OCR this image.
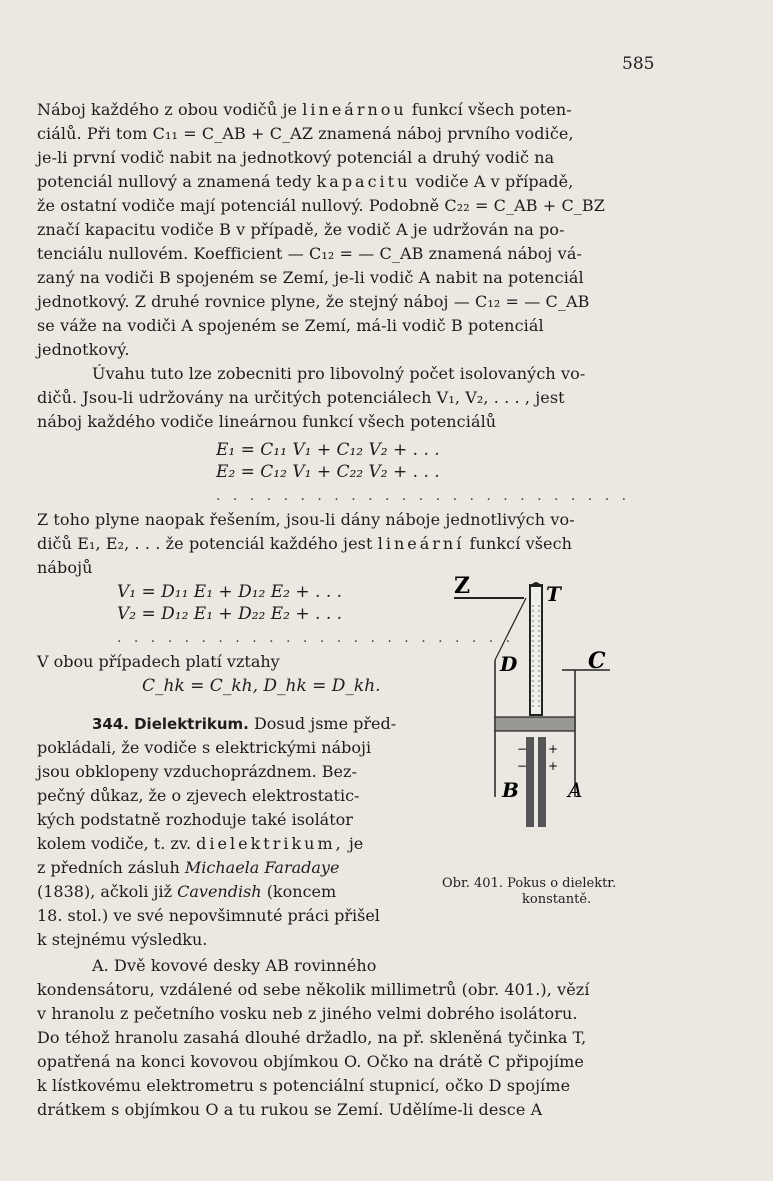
585
Náboj každého z obou vodičů je lineárnou funkcí všech poten-
ciálů. Při tom C₁₁ = C_AB + C_AZ znamená náboj prvního vodiče,
je-li první vodič nabit na jednotkový potenciál a druhý vodič na
potenciál nullový a znamená tedy kapacitu vodiče A v případě,
že ostatní vodiče mají potenciál nullový. Podobně C₂₂ = C_AB + C_BZ
značí kapacitu vodiče B v případě, že vodič A je udržován na po-
tenciálu nullovém. Koefficient — C₁₂ = — C_AB znamená náboj vá-
zaný na vodiči B spojeném se Zemí, je-li vodič A nabit na potenciál
jednotkový. Z druhé rovnice plyne, že stejný náboj — C₁₂ = — C_AB
se váže na vodiči A spojeném se Zemí, má-li vodič B potenciál
jednotkový.
Úvahu tuto lze zobecniti pro libovolný počet isolovaných vo-
dičů. Jsou-li udržovány na určitých potenciálech V₁, V₂, . . . , jest
náboj každého vodiče lineárnou funkcí všech potenciálů
E₁ = C₁₁ V₁ + C₁₂ V₂ + . . .
E₂ = C₁₂ V₁ + C₂₂ V₂ + . . .
. . . . . . . . . . . . . . . . . . . . . . . . .
Z toho plyne naopak řešením, jsou-li dány náboje jednotlivých vo-
dičů E₁, E₂, . . . že potenciál každého jest lineární funkcí všech
nábojů
V₁ = D₁₁ E₁ + D₁₂ E₂ + . . .
V₂ = D₁₂ E₁ + D₂₂ E₂ + . . .
. . . . . . . . . . . . . . . . . . . . . . . .
V obou případech platí vztahy
C_hk = C_kh, D_hk = D_kh.
344. Dielektrikum. Dosud jsme před-
pokládali, že vodiče s elektrickými náboji
jsou obklopeny vzduchoprázdnem. Bez-
pečný důkaz, že o zjevech elektrostatic-
kých podstatně rozhoduje také isolátor
kolem vodiče, t. zv. dielektrikum, je
z předních zásluh Michaela Faradaye
(1838), ačkoli již Cavendish (koncem
18. stol.) ve své nepovšimnuté práci přišel
k stejnému výsledku.
A. Dvě kovové desky AB rovinného
kondensátoru, vzdálené od sebe několik millimetrů (obr. 401.), vězí
v hranolu z pečetního vosku neb z jiného velmi dobrého isolátoru.
Do téhož hranolu zasahá dlouhé držadlo, na př. skleněná tyčinka T,
opatřená na konci kovovou objímkou O. Očko na drátě C připojíme
k lístkovému elektrometru s potenciální stupnicí, očko D spojíme
drátkem s objímkou O a tu rukou se Zemí. Udělíme-li desce A
Z	T
D	C
−
−
+
+
B A
Obr. 401. Pokus o dielektr.
konstantě.
